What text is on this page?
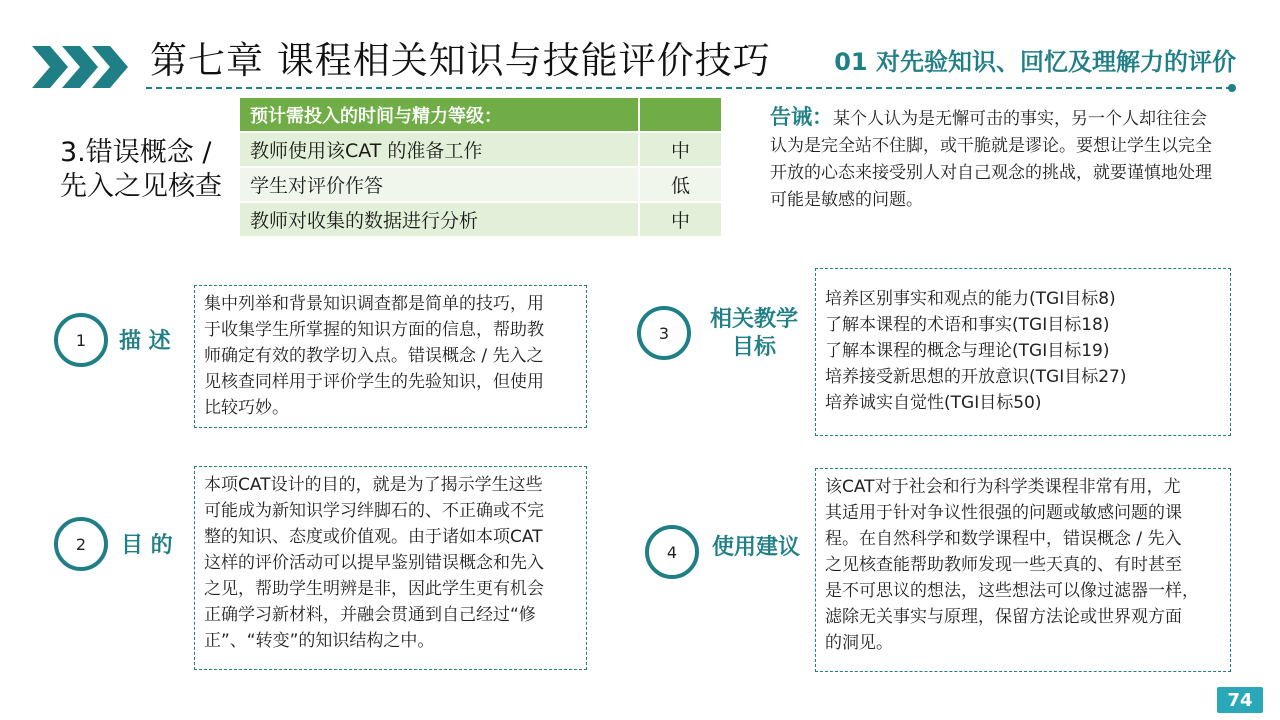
第七章 课程相关知识与技能评价技巧	01 对先验知识、回忆及理解力的评价
3.错误概念 /
先入之见核查
预计需投入的时间与精力等级：	
教师使用该CAT 的准备工作	中
学生对评价作答	低
教师对收集的数据进行分析	中
告诫：某个人认为是无懈可击的事实，另一个人却往往会认为是完全站不住脚，或干脆就是谬论。要想让学生以完全开放的心态来接受别人对自己观念的挑战，就要谨慎地处理可能是敏感的问题。
1	描 述
集中列举和背景知识调查都是简单的技巧，用
于收集学生所掌握的知识方面的信息，帮助教
师确定有效的教学切入点。错误概念 / 先入之
见核查同样用于评价学生的先验知识，但使用
比较巧妙。
2	目 的
本项CAT设计的目的，就是为了揭示学生这些
可能成为新知识学习绊脚石的、不正确或不完
整的知识、态度或价值观。由于诸如本项CAT
这样的评价活动可以提早鉴别错误概念和先入
之见，帮助学生明辨是非，因此学生更有机会
正确学习新材料，并融会贯通到自己经过“修
正”、“转变”的知识结构之中。
3
相关教学
目标
培养区别事实和观点的能力(TGI目标8)
了解本课程的术语和事实(TGI目标18)
了解本课程的概念与理论(TGI目标19)
培养接受新思想的开放意识(TGI目标27)
培养诚实自觉性(TGI目标50)
4	使用建议
该CAT对于社会和行为科学类课程非常有用，尤
其适用于针对争议性很强的问题或敏感问题的课
程。在自然科学和数学课程中，错误概念 / 先入
之见核查能帮助教师发现一些天真的、有时甚至
是不可思议的想法，这些想法可以像过滤器一样，
滤除无关事实与原理，保留方法论或世界观方面
的洞见。
74
